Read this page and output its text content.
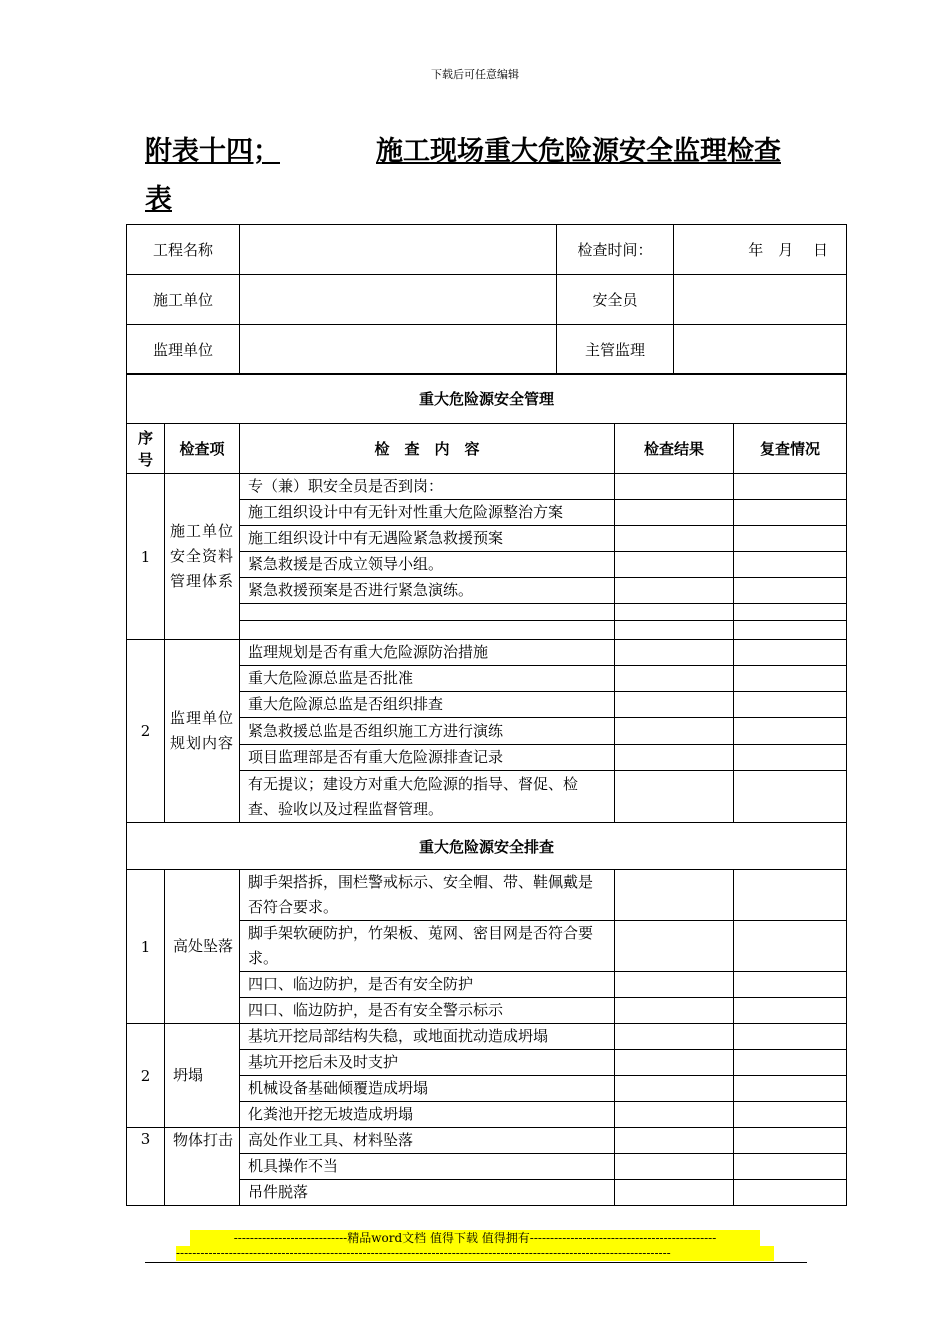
下载后可任意编辑
附表十四；	施工现场重大危险源安全监理检查
表
工程名称		检查时间：	年　月　 日
施工单位		安全员	
监理单位		主管监理	
重大危险源安全管理				
序号	检查项	检　查　内　容	检查结果	复查情况
1	施工单位安全资料管理体系	专（兼）职安全员是否到岗：		
		施工组织设计中有无针对性重大危险源整治方案		
		施工组织设计中有无遇险紧急救援预案		
		紧急救援是否成立领导小组。		
		紧急救援预案是否进行紧急演练。		

2	监理单位规划内容	监理规划是否有重大危险源防治措施		
		重大危险源总监是否批准		
		重大危险源总监是否组织排查		
		紧急救援总监是否组织施工方进行演练		
		项目监理部是否有重大危险源排查记录		
		有无提议；建设方对重大危险源的指导、督促、检查、验收以及过程监督管理。		
重大危险源安全排查				
1	高处坠落	脚手架搭拆，围栏警戒标示、安全帽、带、鞋佩戴是否符合要求。		
		脚手架软硬防护，竹架板、莵网、密目网是否符合要求。		
		四口、临边防护，是否有安全防护		
		四口、临边防护，是否有安全警示标示		
2	坍塌	基坑开挖局部结构失稳，或地面扰动造成坍塌		
		基坑开挖后未及时支护		
		机械设备基础倾覆造成坍塌		
		化粪池开挖无坡造成坍塌		
3	物体打击	高处作业工具、材料坠落		
		机具操作不当		
		吊件脱落		
----------------------------精品word文档 值得下载 值得拥有----------------------------------------------
--------------------------------------------------------------------------------------------------------------------------
